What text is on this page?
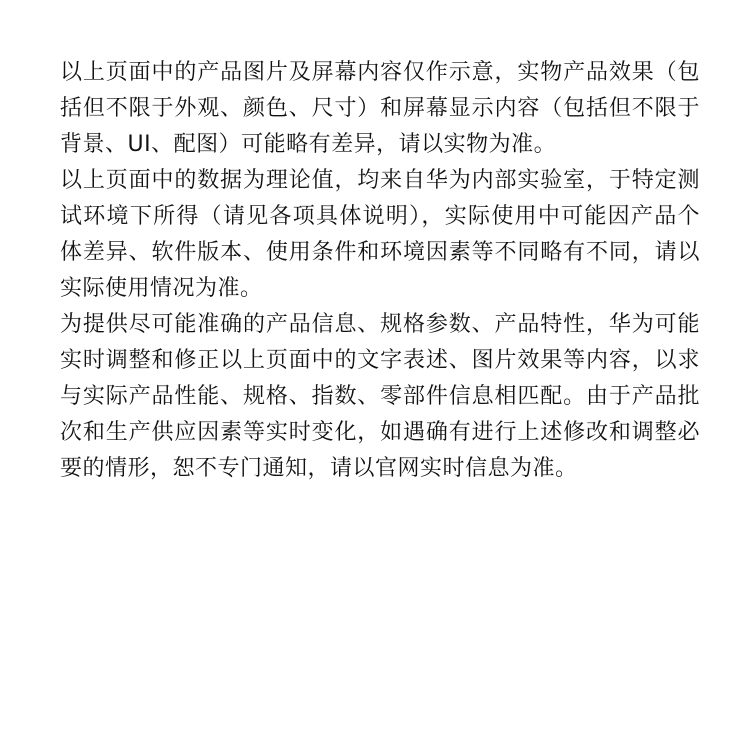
以上页面中的产品图片及屏幕内容仅作示意，实物产品效果（包括但不限于外观、颜色、尺寸）和屏幕显示内容（包括但不限于背景、UI、配图）可能略有差异，请以实物为准。

以上页面中的数据为理论值，均来自华为内部实验室，于特定测试环境下所得（请见各项具体说明），实际使用中可能因产品个体差异、软件版本、使用条件和环境因素等不同略有不同，请以实际使用情况为准。

为提供尽可能准确的产品信息、规格参数、产品特性，华为可能实时调整和修正以上页面中的文字表述、图片效果等内容，以求与实际产品性能、规格、指数、零部件信息相匹配。由于产品批次和生产供应因素等实时变化，如遇确有进行上述修改和调整必要的情形，恕不专门通知，请以官网实时信息为准。
